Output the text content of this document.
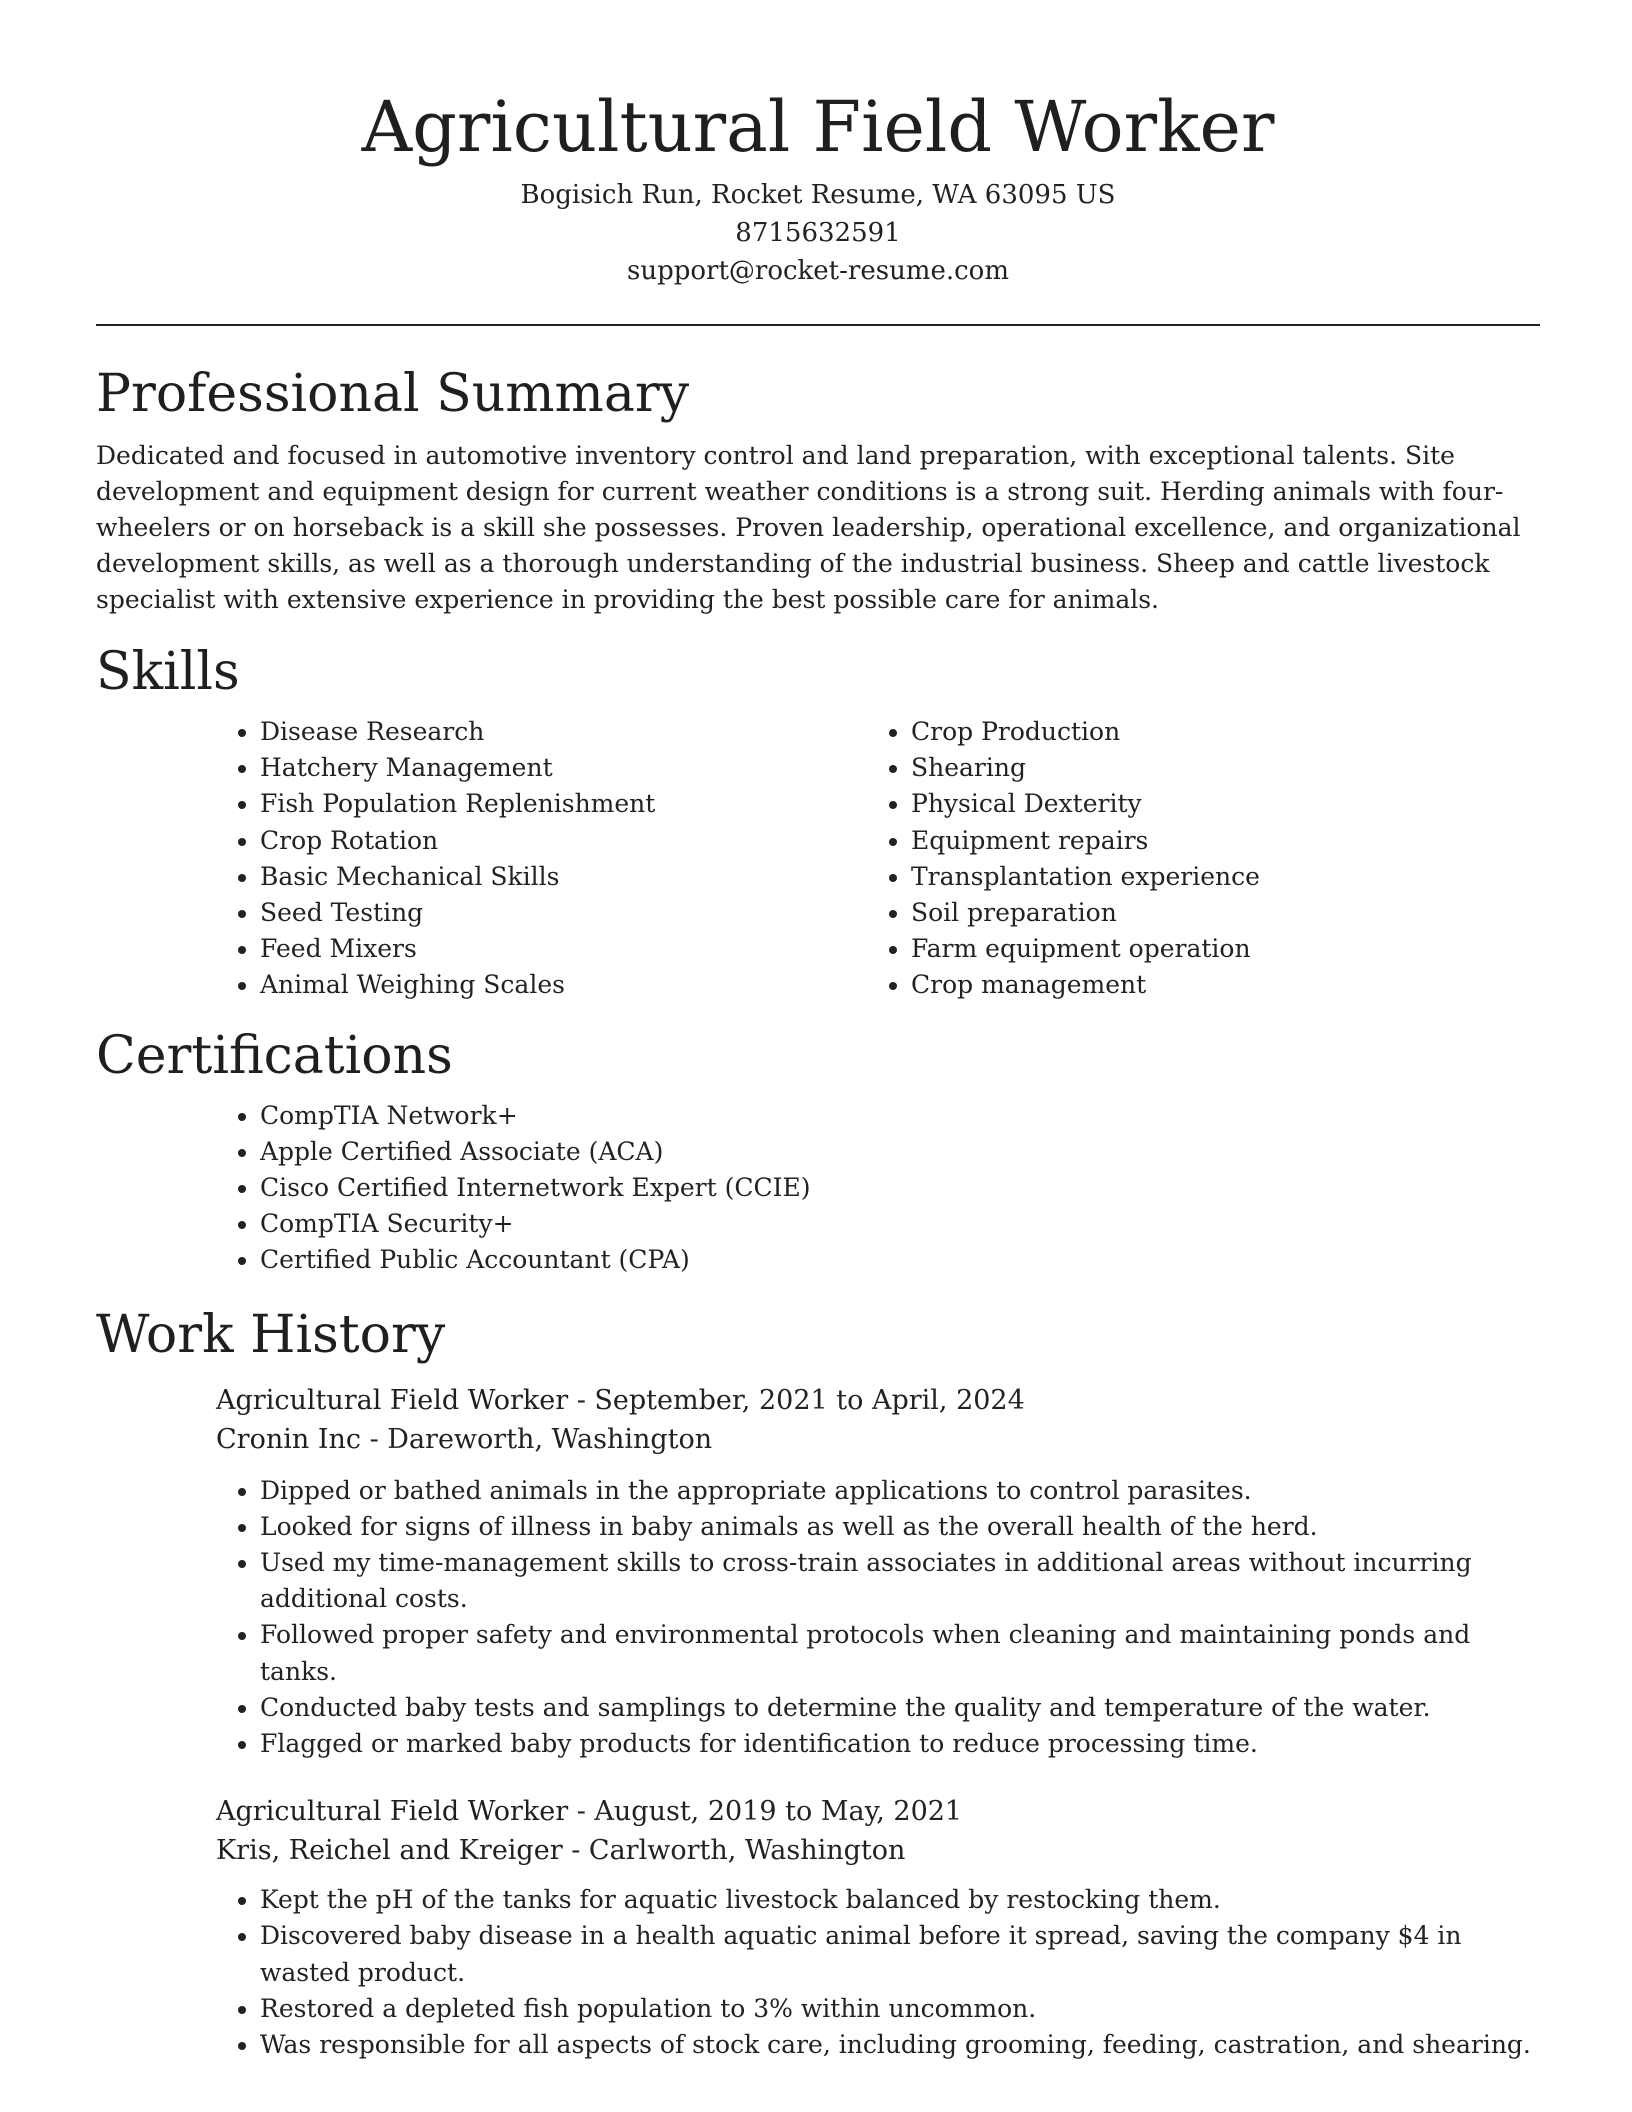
Agricultural Field Worker

Bogisich Run, Rocket Resume, WA 63095 US

8715632591

support@rocket-resume.com

Professional Summary

Dedicated and focused in automotive inventory control and land preparation, with exceptional talents. Site development and equipment design for current weather conditions is a strong suit. Herding animals with four-wheelers or on horseback is a skill she possesses. Proven leadership, operational excellence, and organizational development skills, as well as a thorough understanding of the industrial business. Sheep and cattle livestock specialist with extensive experience in providing the best possible care for animals.

Skills
• Disease Research
• Hatchery Management
• Fish Population Replenishment
• Crop Rotation
• Basic Mechanical Skills
• Seed Testing
• Feed Mixers
• Animal Weighing Scales
• Crop Production
• Shearing
• Physical Dexterity
• Equipment repairs
• Transplantation experience
• Soil preparation
• Farm equipment operation
• Crop management
Certifications
• CompTIA Network+
• Apple Certified Associate (ACA)
• Cisco Certified Internetwork Expert (CCIE)
• CompTIA Security+
• Certified Public Accountant (CPA)
Work History

Agricultural Field Worker - September, 2021 to April, 2024

Cronin Inc - Dareworth, Washington

• Dipped or bathed animals in the appropriate applications to control parasites.
• Looked for signs of illness in baby animals as well as the overall health of the herd.
• Used my time-management skills to cross-train associates in additional areas without incurring additional costs.
• Followed proper safety and environmental protocols when cleaning and maintaining ponds and tanks.
• Conducted baby tests and samplings to determine the quality and temperature of the water.
• Flagged or marked baby products for identification to reduce processing time.

Agricultural Field Worker - August, 2019 to May, 2021

Kris, Reichel and Kreiger - Carlworth, Washington

• Kept the pH of the tanks for aquatic livestock balanced by restocking them.
• Discovered baby disease in a health aquatic animal before it spread, saving the company $4 in wasted product.
• Restored a depleted fish population to 3% within uncommon.
• Was responsible for all aspects of stock care, including grooming, feeding, castration, and shearing.
